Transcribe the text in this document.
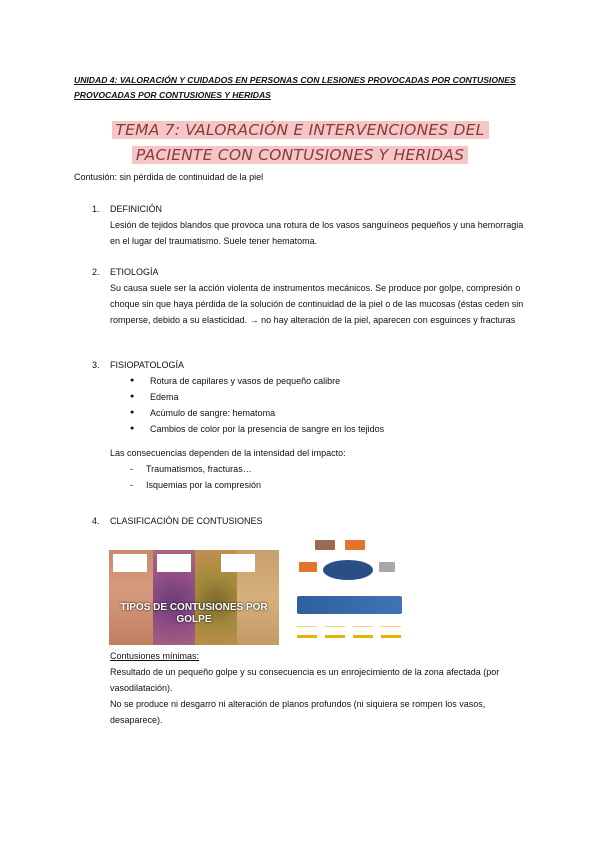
UNIDAD 4: VALORACIÓN Y CUIDADOS EN PERSONAS CON LESIONES PROVOCADAS POR CONTUSIONES PROVOCADAS POR CONTUSIONES Y HERIDAS
TEMA 7: VALORACIÓN E INTERVENCIONES DEL PACIENTE CON CONTUSIONES Y HERIDAS
Contusión: sin pérdida de continuidad de la piel
1.	DEFINICIÓN
Lesión de tejidos blandos que provoca una rotura de los vasos sanguíneos pequeños y una hemorragia en el lugar del traumatismo. Suele tener hematoma.
2.	ETIOLOGÍA
Su causa suele ser la acción violenta de instrumentos mecánicos. Se produce por golpe, compresión o choque sin que haya pérdida de la solución de continuidad de la piel o de las mucosas (éstas ceden sin romperse, debido a su elasticidad. → no hay alteración de la piel, aparecen con esguinces y fracturas
3.	FISIOPATOLOGÍA
● Rotura de capilares y vasos de pequeño calibre
● Edema
● Acúmulo de sangre: hematoma
● Cambios de color por la presencia de sangre en los tejidos
Las consecuencias dependen de la intensidad del impacto:
- Traumatismos, fracturas…
- Isquemias por la compresión
4.	CLASIFICACIÓN DE CONTUSIONES
TIPOS DE CONTUSIONES POR GOLPE
Contusiones mínimas:
Resultado de un pequeño golpe y su consecuencia es un enrojecimiento de la zona afectada (por vasodilatación).
No se produce ni desgarro ni alteración de planos profundos (ni siquiera se rompen los vasos, desaparece).
